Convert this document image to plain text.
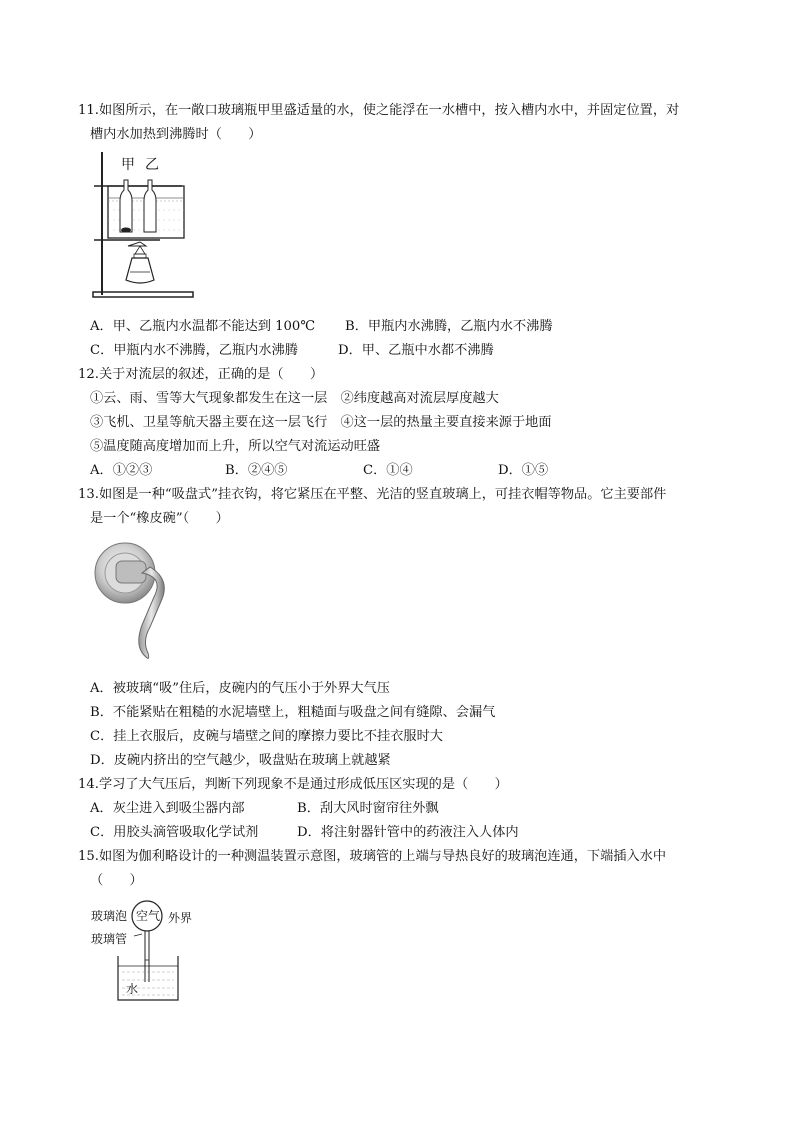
11.如图所示，在一敞口玻璃瓶甲里盛适量的水，使之能浮在一水槽中，按入槽内水中，并固定位置，对
槽内水加热到沸腾时（　　）
甲 乙
A．甲、乙瓶内水温都不能达到 100℃ B．甲瓶内水沸腾，乙瓶内水不沸腾
C．甲瓶内水不沸腾，乙瓶内水沸腾	D．甲、乙瓶中水都不沸腾
12.关于对流层的叙述，正确的是（　　）
①云、雨、雪等大气现象都发生在这一层　②纬度越高对流层厚度越大
③飞机、卫星等航天器主要在这一层飞行　④这一层的热量主要直接来源于地面
⑤温度随高度增加而上升，所以空气对流运动旺盛
A．①②③	B．②④⑤	C．①④	D．①⑤
13.如图是一种“吸盘式”挂衣钩，将它紧压在平整、光洁的竖直玻璃上，可挂衣帽等物品。它主要部件
是一个“橡皮碗”（　　）
A．被玻璃“吸”住后，皮碗内的气压小于外界大气压
B．不能紧贴在粗糙的水泥墙壁上，粗糙面与吸盘之间有缝隙、会漏气
C．挂上衣服后，皮碗与墙壁之间的摩擦力要比不挂衣服时大
D．皮碗内挤出的空气越少，吸盘贴在玻璃上就越紧
14.学习了大气压后，判断下列现象不是通过形成低压区实现的是（　　）
A．灰尘进入到吸尘器内部	B．刮大风时窗帘往外飘
C．用胶头滴管吸取化学试剂	D．将注射器针管中的药液注入人体内
15.如图为伽利略设计的一种测温装置示意图，玻璃管的上端与导热良好的玻璃泡连通，下端插入水中
（　　）
玻璃泡 空气 外界
玻璃管
水
